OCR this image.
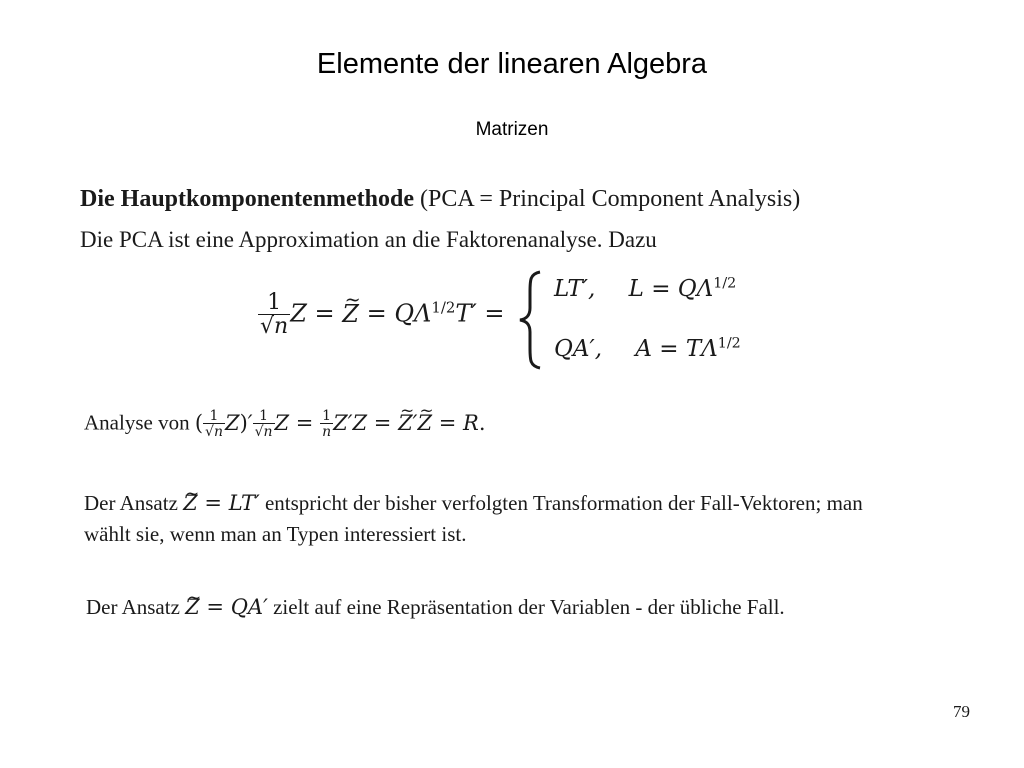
Elemente der linearen Algebra
Matrizen
Die Hauptkomponentenmethode (PCA = Principal Component Analysis)
Die PCA ist eine Approximation an die Faktorenanalyse. Dazu
$\frac{1}{√n}$ Z = ~ $Z = Q\Lambda^{1/2}T'$ =
LT′, $L = Q\Lambda^{1/2}$
QA′, $A = T\Lambda^{1/2}$
Analyse von ( $\frac{1}{√n} Z)' \frac{1}{√n}$ $Z = \frac{1}{n} Z'Z$ = ~ Z′~ Z = R.
Der Ansatz ~ Z = LT′ entspricht der bisher verfolgten Transformation der Fall-Vektoren; man wählt sie, wenn man an Typen interessiert ist.
Der Ansatz ~ Z = QA′ zielt auf eine Repräsentation der Variablen - der übliche Fall.
79
